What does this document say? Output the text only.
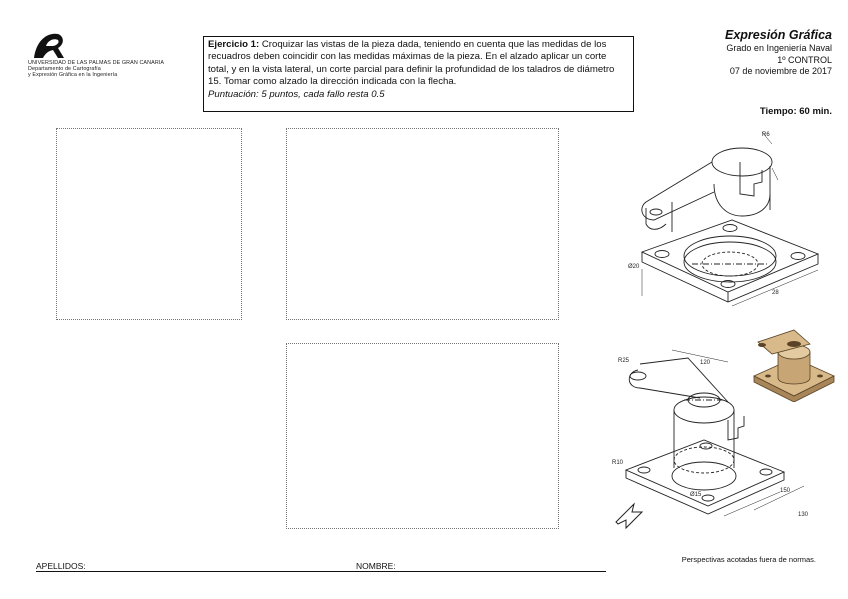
UNIVERSIDAD DE LAS PALMAS DE GRAN CANARIA
Departamento de Cartografía
y Expresión Gráfica en la Ingeniería
Ejercicio 1: Croquizar las vistas de la pieza dada, teniendo en cuenta que las medidas de los recuadros deben coincidir con las medidas máximas de la pieza. En el alzado aplicar un corte total, y en la vista lateral, un corte parcial para definir la profundidad de los taladros de diámetro 15. Tomar como alzado la dirección indicada con la flecha.
Puntuación: 5 puntos, cada fallo resta 0.5
Expresión Gráfica
Grado en Ingeniería Naval
1º CONTROL
07 de noviembre de 2017
Tiempo: 60 min.
R6
Ø20
28
R25
R10
Ø15
120
150
130
Perspectivas acotadas fuera de normas.
APELLIDOS:	NOMBRE:
